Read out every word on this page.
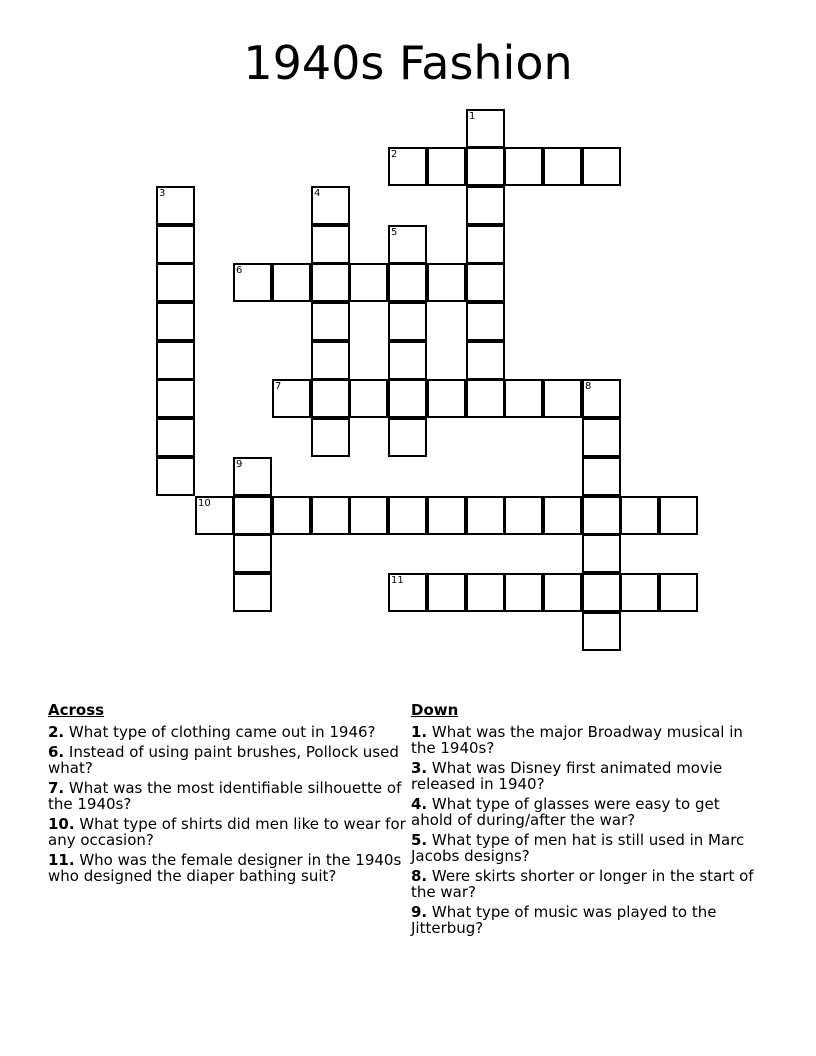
1940s Fashion
1
2
3	4
5
6
7	8
9
10
11
Across
2. What type of clothing came out in 1946?
6. Instead of using paint brushes, Pollock used what?
7. What was the most identifiable silhouette of the 1940s?
10. What type of shirts did men like to wear for any occasion?
11. Who was the female designer in the 1940s who designed the diaper bathing suit?
Down
1. What was the major Broadway musical in the 1940s?
3. What was Disney first animated movie released in 1940?
4. What type of glasses were easy to get ahold of during/after the war?
5. What type of men hat is still used in Marc Jacobs designs?
8. Were skirts shorter or longer in the start of the war?
9. What type of music was played to the Jitterbug?
